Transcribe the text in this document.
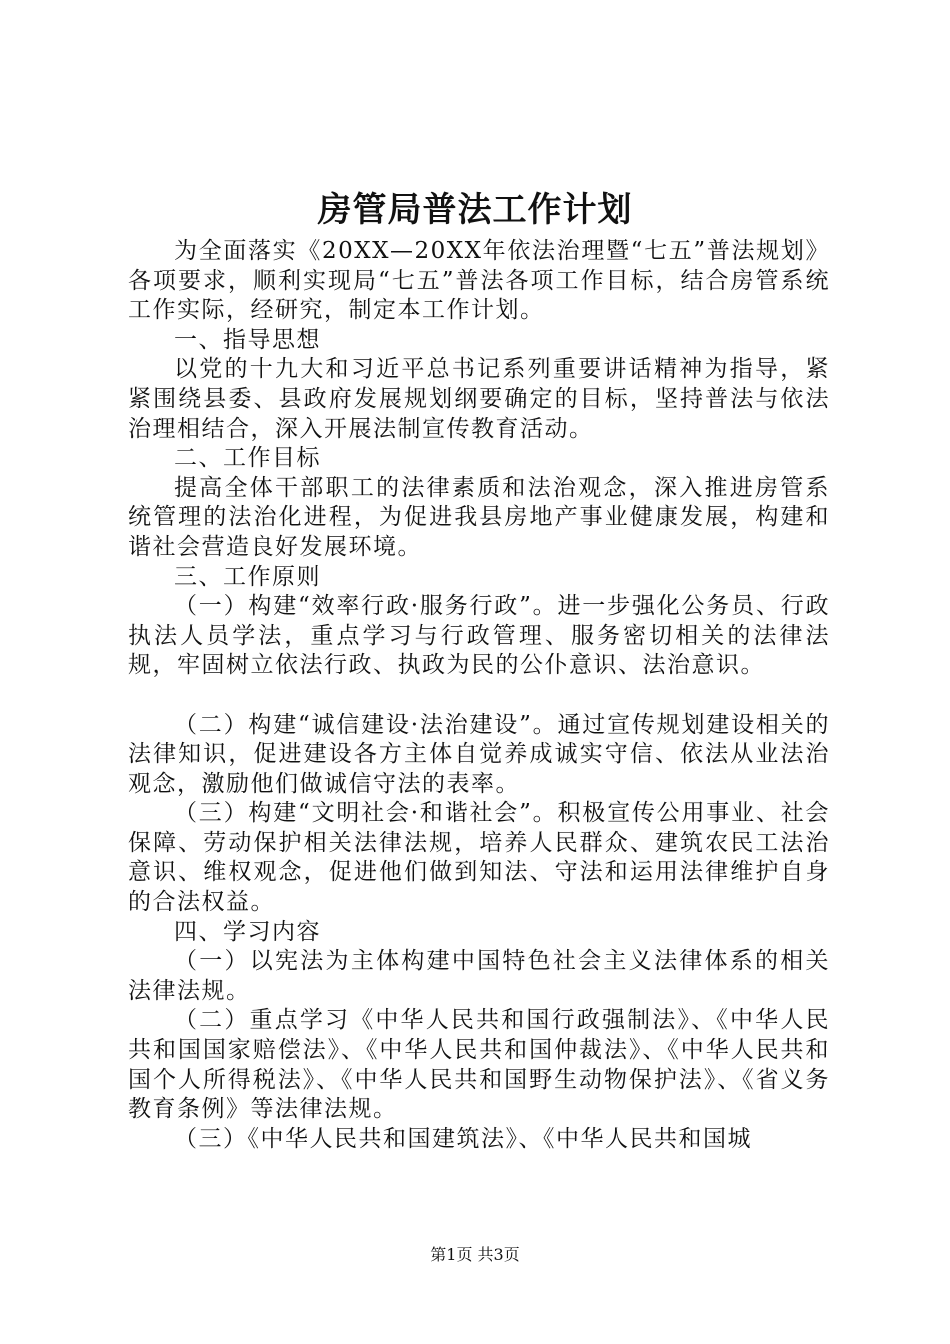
房管局普法工作计划

为全面落实《20XX—20XX年依法治理暨“七五”普法规划》各项要求，顺利实现局“七五”普法各项工作目标，结合房管系统工作实际，经研究，制定本工作计划。

一、指导思想

以党的十九大和习近平总书记系列重要讲话精神为指导，紧紧围绕县委、县政府发展规划纲要确定的目标，坚持普法与依法治理相结合，深入开展法制宣传教育活动。

二、工作目标

提高全体干部职工的法律素质和法治观念，深入推进房管系统管理的法治化进程，为促进我县房地产事业健康发展，构建和谐社会营造良好发展环境。

三、工作原则

（一）构建“效率行政·服务行政”。进一步强化公务员、行政执法人员学法，重点学习与行政管理、服务密切相关的法律法规，牢固树立依法行政、执政为民的公仆意识、法治意识。

（二）构建“诚信建设·法治建设”。通过宣传规划建设相关的法律知识，促进建设各方主体自觉养成诚实守信、依法从业法治观念，激励他们做诚信守法的表率。

（三）构建“文明社会·和谐社会”。积极宣传公用事业、社会保障、劳动保护相关法律法规，培养人民群众、建筑农民工法治意识、维权观念，促进他们做到知法、守法和运用法律维护自身的合法权益。

四、学习内容

（一）以宪法为主体构建中国特色社会主义法律体系的相关法律法规。

（二）重点学习《中华人民共和国行政强制法》、《中华人民共和国国家赔偿法》、《中华人民共和国仲裁法》、《中华人民共和国个人所得税法》、《中华人民共和国野生动物保护法》、《省义务教育条例》等法律法规。

（三）《中华人民共和国建筑法》、《中华人民共和国城

第1页 共3页
